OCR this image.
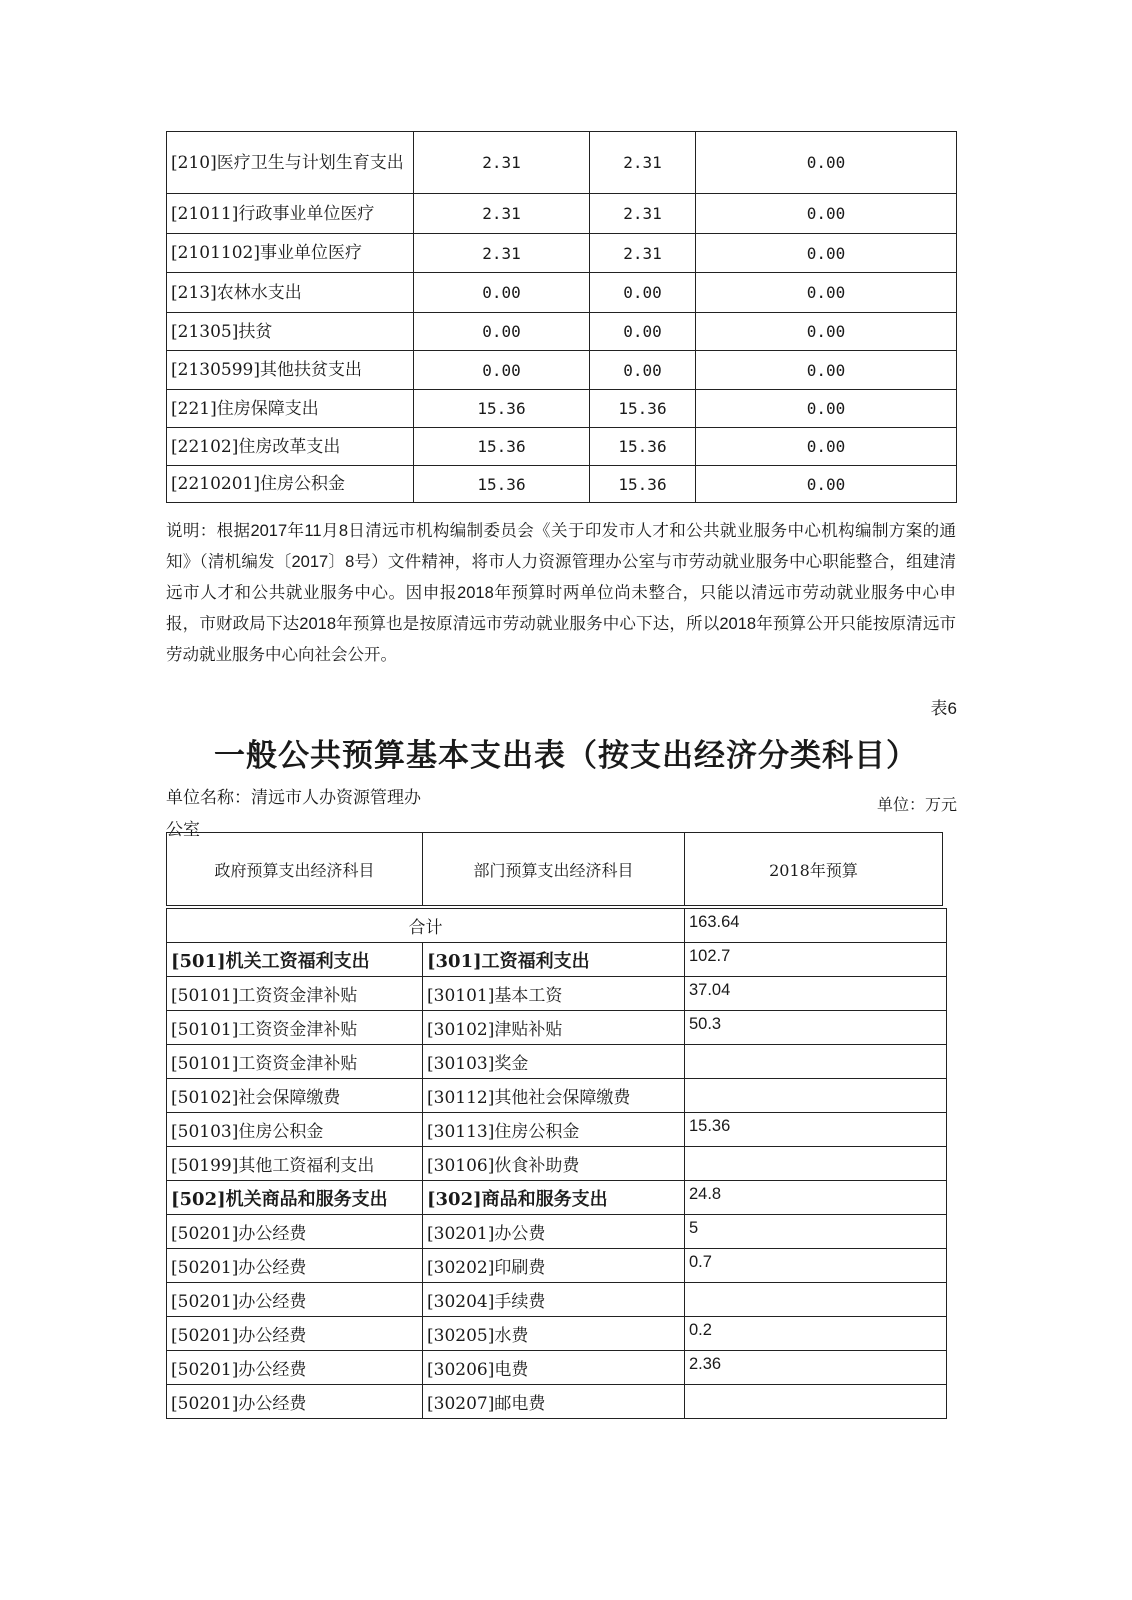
[210]医疗卫生与计划生育支出	2.31	2.31	0.00
[21011]行政事业单位医疗	2.31	2.31	0.00
[2101102]事业单位医疗	2.31	2.31	0.00
[213]农林水支出	0.00	0.00	0.00
[21305]扶贫	0.00	0.00	0.00
[2130599]其他扶贫支出	0.00	0.00	0.00
[221]住房保障支出	15.36	15.36	0.00
[22102]住房改革支出	15.36	15.36	0.00
[2210201]住房公积金	15.36	15.36	0.00

说明：根据2017年11月8日清远市机构编制委员会《关于印发市人才和公共就业服务中心机构编制方案的通知》（清机编发〔2017〕8号）文件精神，将市人力资源管理办公室与市劳动就业服务中心职能整合，组建清远市人才和公共就业服务中心。因申报2018年预算时两单位尚未整合，只能以清远市劳动就业服务中心申报，市财政局下达2018年预算也是按原清远市劳动就业服务中心下达，所以2018年预算公开只能按原清远市劳动就业服务中心向社会公开。

表6
一般公共预算基本支出表（按支出经济分类科目）
单位名称：清远市人办资源管理办公室
单位：万元
政府预算支出经济科目	部门预算支出经济科目	2018年预算
合计		163.64
[501]机关工资福利支出	[301]工资福利支出	102.7
[50101]工资资金津补贴	[30101]基本工资	37.04
[50101]工资资金津补贴	[30102]津贴补贴	50.3
[50101]工资资金津补贴	[30103]奖金	
[50102]社会保障缴费	[30112]其他社会保障缴费	
[50103]住房公积金	[30113]住房公积金	15.36
[50199]其他工资福利支出	[30106]伙食补助费	
[502]机关商品和服务支出	[302]商品和服务支出	24.8
[50201]办公经费	[30201]办公费	5
[50201]办公经费	[30202]印刷费	0.7
[50201]办公经费	[30204]手续费	
[50201]办公经费	[30205]水费	0.2
[50201]办公经费	[30206]电费	2.36
[50201]办公经费	[30207]邮电费	
